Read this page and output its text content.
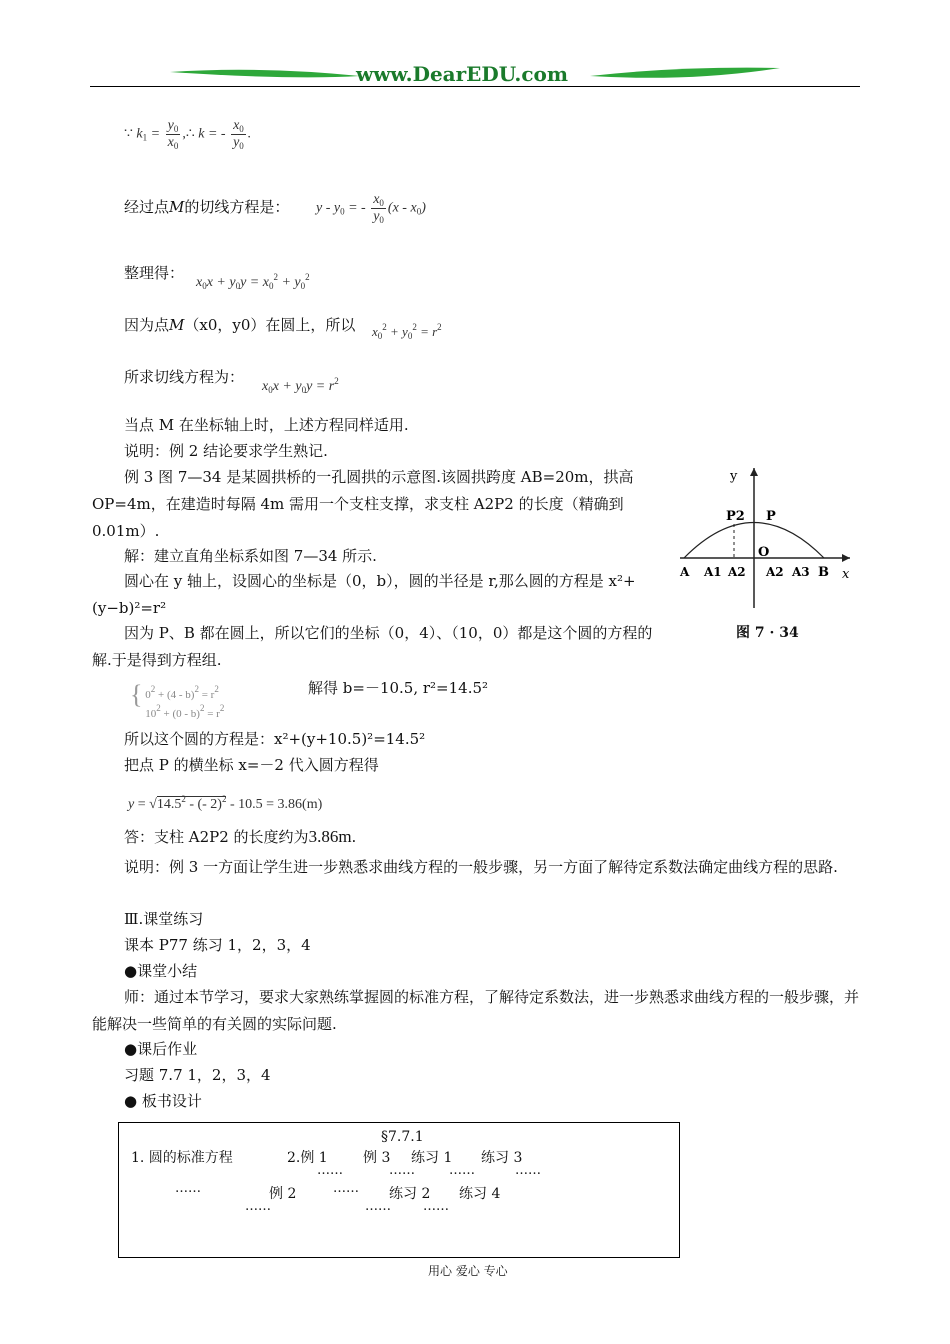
www.DearEDU.com
∵ $k_1 = \frac{y_0}{x_0}$ ,∴ k = - $\frac{x_0}{y_0}$ .
经过点M的切线方程是： y - $y_0$ = - $\frac{x_0}{y_0} (x - x_0)$
整理得：
$x_0x + y_0y = x_0^2 + y_0^2$
因为点M（x0，y0）在圆上，所以 $x_0^2 + y_0^2 = r^2$
所求切线方程为：
$x_0x + y_0y = r^2$
当点 M 在坐标轴上时，上述方程同样适用.
说明：例 2 结论要求学生熟记.
例 3 图 7—34 是某圆拱桥的一孔圆拱的示意图.该圆拱跨度 AB=20m，拱高 OP=4m，在建造时每隔 4m 需用一个支柱支撑，求支柱 A2P2 的长度（精确到 0.01m）.
解：建立直角坐标系如图 7—34 所示.
圆心在 y 轴上，设圆心的坐标是（0，b），圆的半径是 r,那么圆的方程是 x²+(y−b)²=r²
因为 P、B 都在圆上，所以它们的坐标（0，4）、（10，0）都是这个圆的方程的解.于是得到方程组.
y
P2 P
O
A A1 A2 A2 A3 B x
图 7 · 34
{ $0^2 + (4 - b)^2 = r^2$
$10^2 + (0 - b)^2 = r^2$
解得 b=－10.5, r²=14.5²
所以这个圆的方程是：x²+(y+10.5)²=14.5²
把点 P 的横坐标 x=－2 代入圆方程得
$y = √14.5^2$ - (- 2)$^2$ - 10.5 = 3.86(m)
答：支柱 A2P2 的长度约为3.86m.
说明：例 3 一方面让学生进一步熟悉求曲线方程的一般步骤，另一方面了解待定系数法确定曲线方程的思路.
Ⅲ.课堂练习
课本 P77 练习 1，2，3，4
●课堂小结
师：通过本节学习，要求大家熟练掌握圆的标准方程，了解待定系数法，进一步熟悉求曲线方程的一般步骤，并能解决一些简单的有关圆的实际问题.
●课后作业
习题 7.7 1，2，3，4
● 板书设计
§7.7.1
1. 圆的标准方程	2.例 1	例 3 练习 1 练习 3
……	……	……	……
……	例 2	…… 练习 2 练习 4
……	…… ……
用心 爱心 专心
